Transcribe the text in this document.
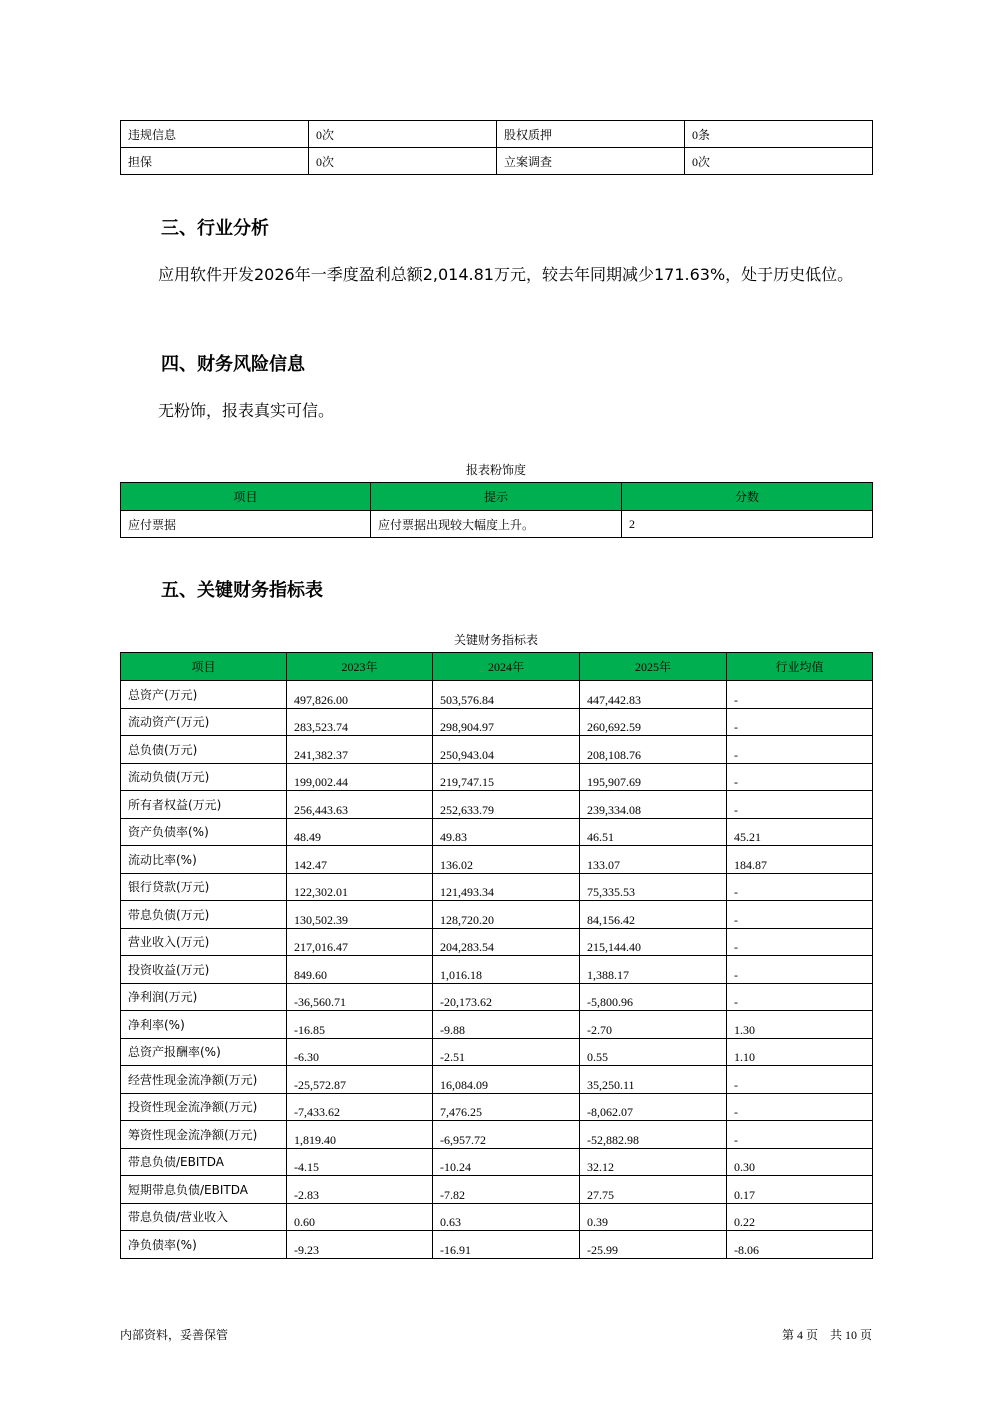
违规信息	0次	股权质押	0条
担保	0次	立案调查	0次
三、行业分析
应用软件开发2026年一季度盈利总额2,014.81万元，较去年同期减少171.63%，处于历史低位。
四、财务风险信息
无粉饰，报表真实可信。
报表粉饰度
项目	提示	分数
应付票据	应付票据出现较大幅度上升。	2
五、关键财务指标表
关键财务指标表
项目	2023年	2024年	2025年	行业均值
总资产(万元)	497,826.00	503,576.84	447,442.83	-
流动资产(万元)	283,523.74	298,904.97	260,692.59	-
总负债(万元)	241,382.37	250,943.04	208,108.76	-
流动负债(万元)	199,002.44	219,747.15	195,907.69	-
所有者权益(万元)	256,443.63	252,633.79	239,334.08	-
资产负债率(%)	48.49	49.83	46.51	45.21
流动比率(%)	142.47	136.02	133.07	184.87
银行贷款(万元)	122,302.01	121,493.34	75,335.53	-
带息负债(万元)	130,502.39	128,720.20	84,156.42	-
营业收入(万元)	217,016.47	204,283.54	215,144.40	-
投资收益(万元)	849.60	1,016.18	1,388.17	-
净利润(万元)	-36,560.71	-20,173.62	-5,800.96	-
净利率(%)	-16.85	-9.88	-2.70	1.30
总资产报酬率(%)	-6.30	-2.51	0.55	1.10
经营性现金流净额(万元)	-25,572.87	16,084.09	35,250.11	-
投资性现金流净额(万元)	-7,433.62	7,476.25	-8,062.07	-
筹资性现金流净额(万元)	1,819.40	-6,957.72	-52,882.98	-
带息负债/EBITDA	-4.15	-10.24	32.12	0.30
短期带息负债/EBITDA	-2.83	-7.82	27.75	0.17
带息负债/营业收入	0.60	0.63	0.39	0.22
净负债率(%)	-9.23	-16.91	-25.99	-8.06
内部资料，妥善保管	第 4 页　共 10 页
